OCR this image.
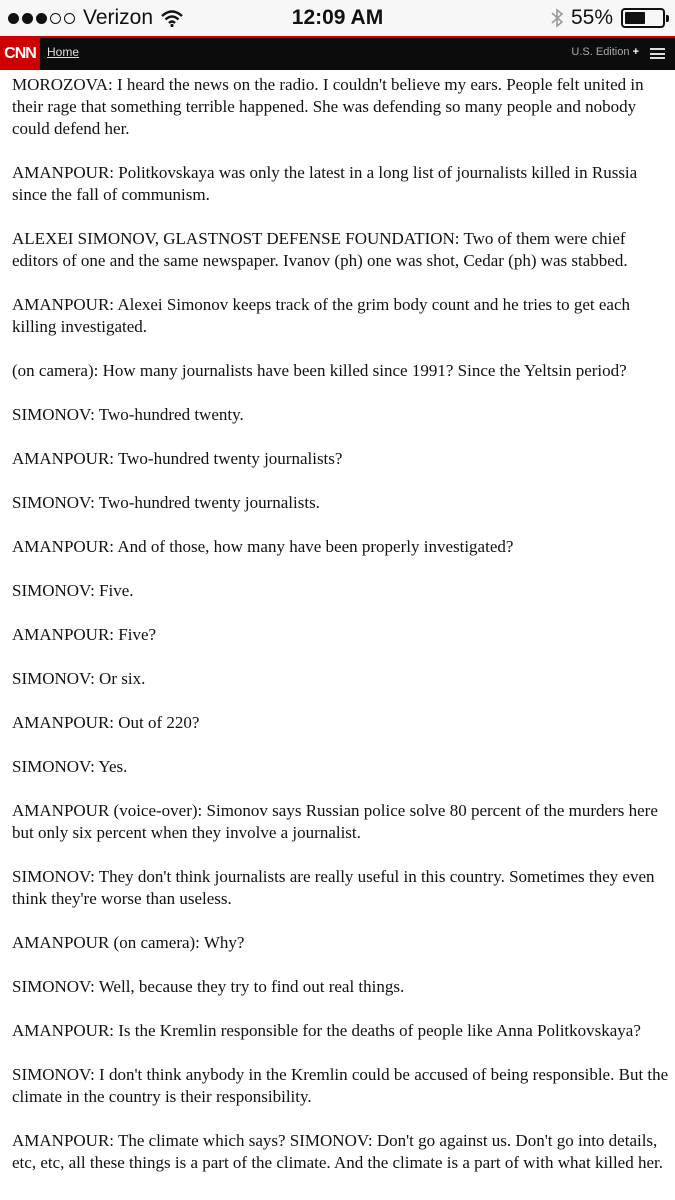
Verizon	12:09 AM	55%
CNN Home	U.S. Edition +

MOROZOVA: I heard the news on the radio. I couldn't believe my ears. People felt united in their rage that something terrible happened. She was defending so many people and nobody could defend her.

AMANPOUR: Politkovskaya was only the latest in a long list of journalists killed in Russia since the fall of communism.

ALEXEI SIMONOV, GLASTNOST DEFENSE FOUNDATION: Two of them were chief editors of one and the same newspaper. Ivanov (ph) one was shot, Cedar (ph) was stabbed.

AMANPOUR: Alexei Simonov keeps track of the grim body count and he tries to get each killing investigated.

(on camera): How many journalists have been killed since 1991? Since the Yeltsin period?

SIMONOV: Two-hundred twenty.

AMANPOUR: Two-hundred twenty journalists?

SIMONOV: Two-hundred twenty journalists.

AMANPOUR: And of those, how many have been properly investigated?

SIMONOV: Five.

AMANPOUR: Five?

SIMONOV: Or six.

AMANPOUR: Out of 220?

SIMONOV: Yes.

AMANPOUR (voice-over): Simonov says Russian police solve 80 percent of the murders here but only six percent when they involve a journalist.

SIMONOV: They don't think journalists are really useful in this country. Sometimes they even think they're worse than useless.

AMANPOUR (on camera): Why?

SIMONOV: Well, because they try to find out real things.

AMANPOUR: Is the Kremlin responsible for the deaths of people like Anna Politkovskaya?

SIMONOV: I don't think anybody in the Kremlin could be accused of being responsible. But the climate in the country is their responsibility.

AMANPOUR: The climate which says? SIMONOV: Don't go against us. Don't go into details, etc, etc, all these things is a part of the climate. And the climate is a part of with what killed her.
